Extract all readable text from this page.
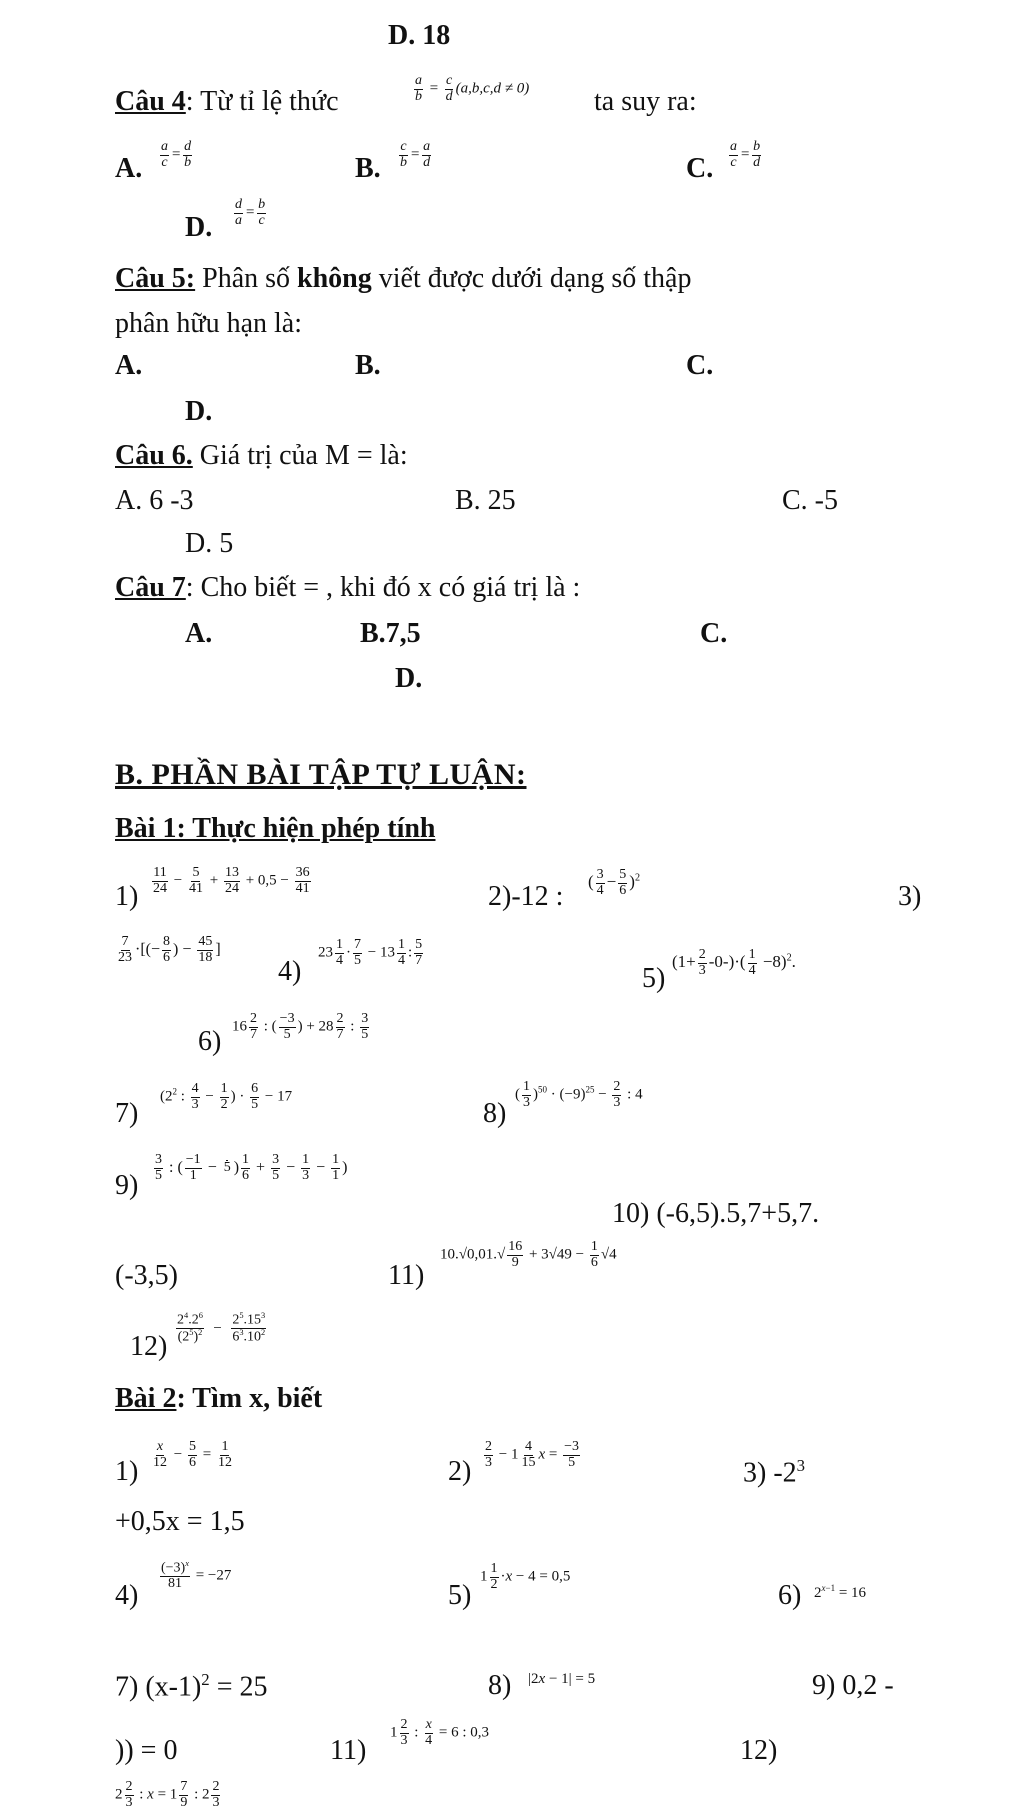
D. 18
Câu 4: Từ tỉ lệ thức	$\frac{a}{b} = \frac{c}{d} (a,b,c,d \ne 0)$ ta suy ra:
A. $\frac{a}{c} = \frac{d}{b}$	B. $\frac{c}{b} = \frac{a}{d}$	C. $\frac{a}{c} = \frac{b}{d}$
D. $\frac{d}{a} = \frac{b}{c}$
Câu 5: Phân số không viết được dưới dạng số thập
phân hữu hạn là:
A.	B.	C.
D.
Câu 6. Giá trị của M = là:
A. 6 -3	B. 25	C. -5
D. 5
Câu 7: Cho biết = , khi đó x có giá trị là :
A.	B.7,5	C.
D.
B. PHẦN BÀI TẬP TỰ LUẬN:
Bài 1: Thực hiện phép tính
$1) \frac{11}{24} - \frac{5}{41} + \frac{13}{24} + 0,5 - \frac{36}{41}$	2)-12 : ( $\frac{3}{4} - \frac{5}{6} )^2$
3)
$\frac{7}{23}$ ·[(− $\frac{8}{6}$ ) − $\frac{45}{18}$ ]
4)
$23 \frac{1}{4} \cdot \frac{7}{5} - 13 \frac{1}{4}$ : $\frac{5}{7}$
5)
$(1+ \frac{2}{3} -0-)\cdot( \frac{1}{4} -8)^2$.
6) $16 \frac{2}{7}$ : ( $\frac{-3}{5}$ ) + $28 \frac{2}{7}$ : $\frac{3}{5}$
7)
($2^2$ : $\frac{4}{3} - \frac{1}{2}$ ) · $\frac{6}{5} - 17$
8)
( $\frac{1}{3} )^{50} \cdot (-9)^{25} - \frac{2}{3}$ : 4
9)
$\frac{3}{5}$ : ( $\frac{-1}{1} - 5$ ) $\frac{1}{6} + \frac{3}{5} - \frac{1}{3} - \frac{1}{1}$ )
10) (-6,5).5,7+5,7.
(-3,5)	11)
$10.√0,01.√ \frac{16}{9} + 3√49 - \frac{1}{6} √4$
12)
$\frac{2^4.2^6}{(2^5)^2} - \frac{2^5.15^3}{6^3.10^2}$
Bài 2: Tìm x, biết
1)
$\frac{x}{12} - \frac{5}{6} = \frac{1}{12}$
2)
$\frac{2}{3} - 1 \frac{4}{15}$ $x = \frac{-3}{5}$
3) $-2^3$
+0,5x = 1,5
4)
$\frac{(-3)^x}{81} = -27$
5)
$1 \frac{1}{2} \cdot x - 4 = 0,5$
6) $2^{x-1} = 16$
7) $(x-1)^2 = 25$	8) |2x − 1| = 5	9) 0,2 -
)) = 0	11)
$1 \frac{2}{3}$ : $\frac{x}{4} = 6$ : 0,3
12)
$2 \frac{2}{3}$ : $x = 1 \frac{7}{9}$ : $2 \frac{2}{3}$
